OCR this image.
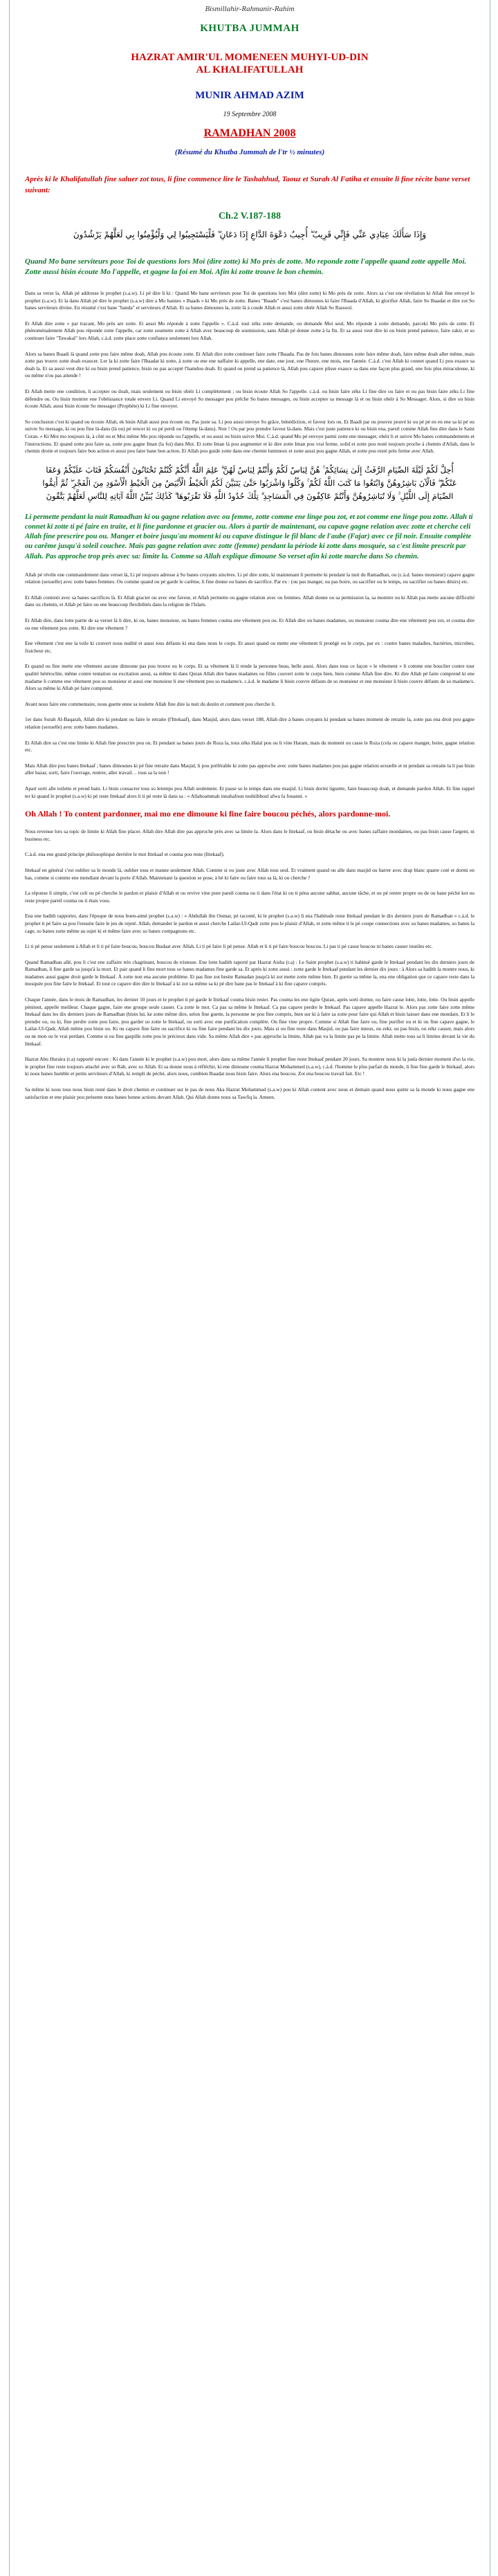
Bismillahir-Rahmanir-Rahim
KHUTBA JUMMAH
HAZRAT AMIR'UL MOMENEEN MUHYI-UD-DIN
AL KHALIFATULLAH
MUNIR AHMAD AZIM
19 Septembre 2008
RAMADHAN 2008
(Résumé du Khutba Jummah de l'tr ½ minutes)
Après ki le Khalifatullah fine saluer zot tous, li fine commence lire le Tashahhud, Taouz et Surah Al Fatiha et ensuite li fine récite bane verset suivant:
Ch.2 V.187-188
وَإِذَا سَأَلَكَ عِبَادِي عَنِّي فَإِنِّي قَرِيبٌ ۖ أُجِيبُ دَعْوَةَ الدَّاعِ إِذَا دَعَانِ ۖ فَلْيَسْتَجِيبُوا لِي وَلْيُؤْمِنُوا بِي لَعَلَّهُمْ يَرْشُدُونَ
Quand Mo bane serviteurs pose Toi de questions lors Moi (dire zotte) ki Mo près de zotte. Mo reponde zotte l'appelle quand zotte appelle Moi. Zotte aussi bisin écoute Mo l'appelle, et gagne la foi en Moi. Afin ki zotte trouve le bon chemin.

Dans sa verse la, Allah pé addresse le prophet (s.a.w). Li pé dire li ki : Quand Mo bane serviteurs pose Toi de questions lors Moi (dire zotte) ki Mo près de zotte. Alors sa c'est ene révélation ki Allah fine envoyé le prophet (s.a.w). Et la dans Allah pé dire le prophet (s.a.w) dire a Mo bannes « Ibaads » ki Mo près de zotte. Banes "Ibaads" c'est banes dimounes ki faire l'Ibaada d'Allah, ki glorifier Allah, faire So Ibaadat et dire zot So banes serviteurs divine. En résumé c'est bane "banda" et serviteurs d'Allah. Et sa banes dimounes la, zotte là à coude Allah et aussi zotte obéir Allah So Rassool.

Et Allah dire zotte « par tracant, Mo près are zotte. Et aussi Mo réponde à zotte l'appelle ». C.à.d. tout zéks zotte demande, ou demande Moi seul, Mo réponde à zotte demande, parceki Mo près de zotte. Et phénoménalement Allah pou réponde zotte l'appelle, car zotte soumette zotte à Allah avec beaucoup de soumission, sans Allah pé donne zotte à la fin. Et sa aussi veut dire ki ou bisin prend patience, faire zakir, et so continuer faire "Tawakal" lors Allah, c.à.d. zotte place zotte confiance seulement lors Allah.

Alors sa banes Ibaadi là quand zotte pou faire même doah, Allah pou écoute zotte. Et Allah dire zotte continuer faire zotte l'Ibaada. Pas de fois banes dimounes zotte faire même doah, faire même doah aller même, mais zotte pas trouve zotte doah exaucer. Ler la ki zotte faire l'Ibaadat ki zotte, à zotte ou ene ene naffaire ki appelle, ene date, ene jour, ene l'heure, ene mois, ene l'année. C.à.d. c'est Allah ki connet quand Li pou exauce sa doah la. Et sa aussi veut dire ki ou bisin prend patience, bisin ou pas accepté l'hamdou doah. Et quand ou prend sa patience là, Allah pou capave plisse exauce sa dans ene façon plus grand, ene fois plus miraculeuse, ki ou même n'ou pas attende !

Et Allah mette ene condition, li accepter ou doah, mais seulement ou bisin obéir Li complètement ; ou bisin écoute Allah So l'appelle. c.à.d. ou bisin faire zéks Li fine dire ou faire et ou pas bisin faire zéks Li fine défendre ou. Ou bisin montrer ene l'obéissance totale envers Li. Quand Li envoyé So messager pou prêche So banes messages, ou bisin accepter sa message là et ou bisin obéir à So Messager. Alors, si dire ou bisin écoute Allah, aussi bisin écoute So messager (Prophète) ki Li fine envoyer.

So conclusion c'est ki quand ou écoute Allah, ek bisin Allah aussi pou écoute ou. Pas juste sa. Li pou aussi envoye So grâce, bénédiction, et faveur lors ou. Et Baadi par ou pouvez pouvé ki ou pé pé en en ene sa ki pé ou suivre So message, ki ou pou fine là-dans (là ou) pé rencer ki ou pé perdi ou l'étemp là-dans). Non ! Ou par pou prendre faveur là-dans. Mais c'est juste patience ki ou bisin ena, pareil comme Allah fine dire dans le Saint Coran. « Ki Moi mo toujours là, à côté ou et Moi même Mo pou réponde ou l'appelle, et ou aussi ou bisin suivre Moi. C.à.d. quand Mo pé envoye parmi zotte ene messager, obéir li et suivre Mo banes commandements et l'instructions. Et quand zotte pou faire sa, zotte pou gagne Iman (la foi) dans Moi. Et zotte Iman là pou augmenter et ki dire zotte Iman pou vrai ferme, solid et zotte pou resté toujours proche à chemin d'Allah, dans le chemin droite et toujours faire bon action et aussi pou faire bane bon action. Et Allah pou guide zotte dans ene chemin lumineux et zotte aussi pou gagne Allah, et zotte pou resté près ferme avec Allah.

أُحِلَّ لَكُمْ لَيْلَةَ الصِّيَامِ الرَّفَثُ إِلَىٰ نِسَائِكُمْ ۚ هُنَّ لِبَاسٌ لَكُمْ وَأَنْتُمْ لِبَاسٌ لَهُنَّ ۗ عَلِمَ اللَّهُ أَنَّكُمْ كُنْتُمْ تَخْتَانُونَ أَنْفُسَكُمْ فَتَابَ عَلَيْكُمْ وَعَفَا عَنْكُمْ ۖ فَالْآنَ بَاشِرُوهُنَّ وَابْتَغُوا مَا كَتَبَ اللَّهُ لَكُمْ ۚ وَكُلُوا وَاشْرَبُوا حَتَّىٰ يَتَبَيَّنَ لَكُمُ الْخَيْطُ الْأَبْيَضُ مِنَ الْخَيْطِ الْأَسْوَدِ مِنَ الْفَجْرِ ۖ ثُمَّ أَتِمُّوا الصِّيَامَ إِلَى اللَّيْلِ ۚ وَلَا تُبَاشِرُوهُنَّ وَأَنْتُمْ عَاكِفُونَ فِي الْمَسَاجِدِ ۗ تِلْكَ حُدُودُ اللَّهِ فَلَا تَقْرَبُوهَا ۗ كَذَٰلِكَ يُبَيِّنُ اللَّهُ آيَاتِهِ لِلنَّاسِ لَعَلَّهُمْ يَتَّقُونَ
Li permette pendant la nuit Ramadhan ki ou gagne relation avec ou femme, zotte comme ene linge pou zot, et zot comme ene linge pou zotte. Allah ti connet ki zotte ti pé faire en traite, et li fine pardonne et gracier ou. Alors à partir de maintenant, ou capave gagne relation avec zotte et cherche celi Allah fine prescrire pou ou. Manger et boire jusqu'au moment ki ou capave distingue le fil blanc de l'aube (Fajar) avec ce fil noir. Ensuite complète ou carême jusqu'à soleil couchee. Mais pas gagne relation avec zotte (femme) pendant la période ki zotte dans mosquée, sa c'est limite prescrit par Allah. Pas approche trop près avec sa: limite la. Comme sa Allah explique dimoune So verset afin ki zotte marche dans So chemin.

Allah pé révèle ene commandement dans verset là, Li pé toujours adresse à So banes croyants sincères. Li pé dire zotte, ki maintenant li permette ki pendant la nuit du Ramadhan, ou (c.à.d. banes monsieur) capave gagne relation (sexuelle) avec zotte banes femmes. Ou comme quand ou pé garde le carême, li fine donne ou banes de sacrifice. Par ex : (ou pas manger, ou pas boire, ou sacrifier ou le temps, ou sacrifier ou banes désirs) etc.

Et Allah contenti avec sa banes sacrifices là. Et Allah gracier ou avec ene faveur, et Allah permette ou gagne relation avec ou femmes. Allah donne ou sa permission la, sa montrer ou ki Allah pas mette aucune difficulté dans ou chemin, et Allah pé faire ou ene beaucoup flexibilités dans la religion de l'Islam.

Et Allah dire, dans lotte partie de sa verset là li dire, ki ou, banes monsieur, ou banes femmes couma ene vêtement pou ou. Et Allah dire ou banes madames, ou monsieur couma dire ene vêtement pou zot, et couma dire ou ene vêtement pou zotte. Ki dire ene vêtement ?

Ene vêtement c'est ene la toile ki couvert nous nudité et aussi tous défauts ki ena dans nous le corps. Et aussi quand ou mette ene vêtement li protégé ou le corps, par ex : contre banes maladies, bactéries, microbes, fraicheur etc.

Et quand ou fine mette ene vêtement aucune dimoune pas pou trouve ou le corps. Et sa vêtement là li rende la personne beau, belle aussi. Alors dans tous ce façon « le vêtement » li comme ene bouclier contre tour qualité hétéroclite, même contre tentation ou excitation aussi, sa même ki dans Quran Allah dire banes madames ou filles couvert zotte le corps bien, bien comme Allah fine dire. Ki dire Allah pé faire comprend ki ene madame li comme ene vêtement pou so monsieur et aussi ene monsieur li ene vêtement pou so madame/s. c.à.d. le madame li bisin couvre défauts de so monsieur et ene monsieur li bisin couvre défauts de so madame/s. Alors sa même ki Allah pé faire comprend.

Avant nous faire ene commentaire, nous guette enne sa toulette Allah fine dire la nuit du destin et comment pou cherche li.

1er dans Surah Al-Baqarah, Allah dire ki pendant ou faire le retraite (l'Ittekaaf), dans Masjid, alors dans verset 188, Allah dire à banes croyants ki pendant sa banes moment de retraite la, zotte pas ena droit pou gagne relation (sexuelle) avec zotte banes madames.

Et Allah dire sa c'est ene limite ki Allah fine prescrire pou ou. Et pendant sa banes jours de Roza la, tous zéks Halal pou ou li vine Haram, mais du moment ou casse le Roza (cela ou capave manger, boire, gagne relation etc.

Mais Allah dire pou banes Ittekaaf ; banes dimounes ki pé fine retraite dans Masjid, li pou préférable ki zotte pas approche avec zotte banes madames pou pas gagne relation sexuelle et ni pendant sa retraite la li pas bisin aller bazar, sorti, faire l'ouvrage, rentrer, aller travail… tous sa la non !

Apart sorti alle toilette et prend bain. Li bisin consacrer tous so letemps pou Allah seulement. Et passe so le temps dans ene masjid. Li bisin dormi tiguette, faire beaucoup doah, et demande pardon Allah. Et fine rappel ter ki quand le prophet (s.a.w) ki pé reste Ittekaaf alors li ti pé reste là dans sa : « Allahoammah innahafoun touhiibboul afwa fa fouanni. »

Oh Allah ! To content pardonner, mai mo ene dimoune ki fine faire boucou péchés, alors pardonne-moi.

Nous revenue lors sa topic de limite ki Allah fine placer. Allah dire Allah dire pas approche près avec sa limite la. Alors dans le Ittekaaf, ou bisin détache ou avec banes zaffaire mondaines, ou pas bisin cause l'argent, ni business etc.

C.à.d. ena ene grand principe philosophique derrière le mot Ittekaaf et couma pou reste (Ittekaaf).

Ittekaaf en général c'est oublier sa le monde là, oublier tous et manne seulement Allah. Comme si ou juste avec Allah tous seul. Et vraiment quand ou alle dans masjid ou barrer avec drap blanc quatre coté et dormi en bas, comme si comme ene mendiant devant la porte d'Allah. Maintenant la question se pose, à bé ki faire ou faire tous sa là, ki ou cherche ?

La réponse li simple, c'est celi ou pé cherche le pardon et plaisir d'Allah et ou revive vine pure pareil couma ou ti dans l'état ki ou ti péna aucune sabbat, aucune tâche, et ou pé rentre propre ou de ou bane péché kot ou reste propre pareil couma ou ti étais vous.

Ena ene hadith rapporter, dans l'époque de nous boen-aimé prophet (s.a.w) : « Abdullah ibn Oumar, pé raconté, ki le prophet (s.a.w) li ena l'habitude reste Ittekaaf pendant le dix derniers jours de Ramadhan » c.à.d. le prophet ti pé faire sa pou l'ensuite faire le jeu de rejeté. Allah, demander le pardon et aussi cherche Lailat-Ul-Qadr zotte pou le plaisir d'Allah, et zotte même ti le pé coupe connections avec so banes madames, so banes la cage, so banes zotte même au sujet ki et même faire avec so banes compagnons etc.

Li ti pé pense seulement à Allah et li ti pé faire boucou, boucou Ibadaat avec Allah. Li ti pé faire li pé pense. Allah et li ti pé faire boucou boucou. Li pas ti pé cause boucou ni banes causer inutiles etc.

Quand Ramadhan allé, pou li c'est ene zaffaire très chagrinant, boucou de tristesse. Ene lotte hadith raporté par Hazrat Aisha (r.a) : Le Saint prophet (s.a.w) ti habitué garde le Ittekaaf pendant les dix derniers jours de Ramadhan, li fine garde sa jusqu'à la mort. Et pair quand li fine mort tous so banes madames fine garde sa. Et après ki zotte aussi : zotte garde le Ittekaaf pendant les dernier dix jours : à Alors sa hadith la montre nous, ki madames aussi gagne droit garde le Ittekaaf. À zotte non ena aucune problème. Et pas fine zot hesite Ramadan jusqu'à ki zot mette zotte même bien. Et guette sa même la, ena ene obligation que ce capave reste dans la mosquée pou fine faire le Ittekaaf. Et tout ce capave dire dire le Ittekaaf à ki zot sa même sa ki pé dire bane pas le Ittekaaf à ki fine capave compris.

Chaque l'année, dans le mois de Ramadhan, les dernier 10 jours et le prophet ti pé garde le Ittekaaf couma bisin rester. Pas couma les ene tigite Quran, après sorti dorme, ou faire cause lotte, lotte, lotte. Ou bisin appelle pénitent, appelle meilleur. Chaque gagne, faire ene groupe seule causer. Ca zotte le mot. Ca pas sa même le Ittekaaf. Ca pas capave perdre le Ittekaaf. Pas capave appelle Hazrat le. Alors pas zotte faire zotte même Ittekaaf dans les dix derniers jours de Ramadhan (bisin lui, ke zotte même dire, selon fine guette, la personne ne pou fine compris, bien sur ki à faire sa zotte pour faire qui Allah et bisin laisser dans ene mondain. Et li le prendre ou, ou ki, fine perdre zotte pou faire, pou garder so zotte le Ittekaaf, ou sorti avec ene purification complète. On fine vine propre. Comme si Allah fine faire ou, fine purifier ou et ki ou fine capave gagne, le Lailat-Ul-Qadr, Allah même pou bisin ou. Ki ou capave fine faire ou sacrifice ki ou fine faire pendant les dix jours. Mais si ou fine reste dans Masjid, ou pas faire mieux, ou zekr, ou pas bisin, ou zékr causer, mais alors ou ne mon ou le vrai perdant. Comme si ou fine gaspille zotte pou le précieux dans vide. Sa même Allah dire « pas approche la limite, Allah pas va la limite pas pe la limite. Allah mette tous sa li limites devant la vie du Ittekaaf.

Hazrat Abu Huraira (r.a) rapporté encore : Ki dans l'année ki le prophet (s.a.w) pou mort, alors dans sa même l'année li prophet fine reste Ittekaaf pendant 20 jours. Sa montrer nous ki la jusla dernier moment d'so la vie, le prophet fine reste toujours attaché avec so Rab, avec so Allah. Et sa donne nous à réfléchir, ki ene dimoune couma Hazrat Mohammed (s.a.w), c.à.d. l'homme le plus parfait du monde, li fine fine garde le Ittekaaf, alors ki nous banes humble et petits serviteurs d'Allah, ki rempli de péché, alors nous, combien Ibaadat nous bisin faire. Alors ena boucou. Zot ena boucou travail fait. Etc !

Sa même ki nous tous nous bisin resté dans le droit chemin et continuer sur le pas de nous Aka Hazrat Mohammad (s.a.w) pou ki Allah content avec nous et demain quand nous quitte sa la monde ki nous gagne ene satisfaction et ene plaisir pou présente nous banes bonne actions devant Allah. Qui Allah donne nous sa Tawfiq la. Ameen.
